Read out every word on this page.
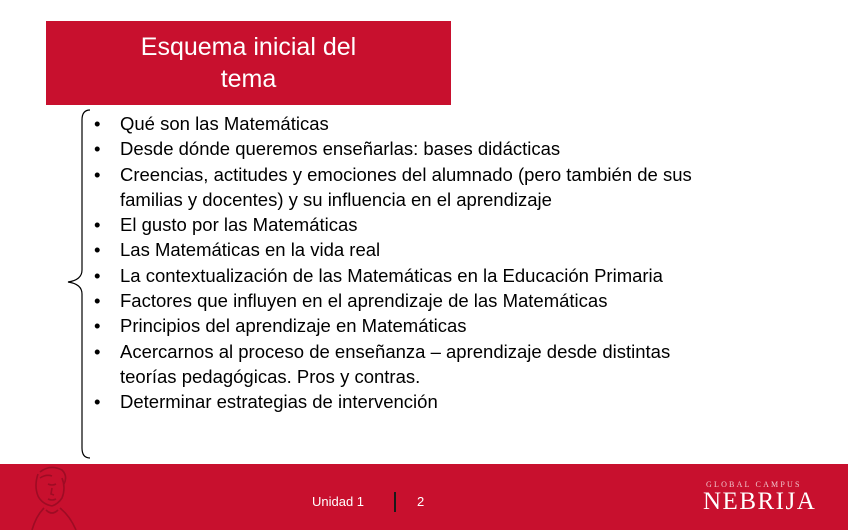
Esquema inicial del tema
• Qué son las Matemáticas
• Desde dónde queremos enseñarlas: bases didácticas
• Creencias, actitudes y emociones del alumnado (pero también de sus familias y docentes) y su influencia en el aprendizaje
• El gusto por las Matemáticas
• Las Matemáticas en la vida real
• La contextualización de las Matemáticas en la Educación Primaria
• Factores que influyen en el aprendizaje de las Matemáticas
• Principios del aprendizaje en Matemáticas
• Acercarnos al proceso de enseñanza – aprendizaje desde distintas teorías pedagógicas. Pros y contras.
• Determinar estrategias de intervención
Unidad 1	2
GLOBAL CAMPUS
NEBRIJA
